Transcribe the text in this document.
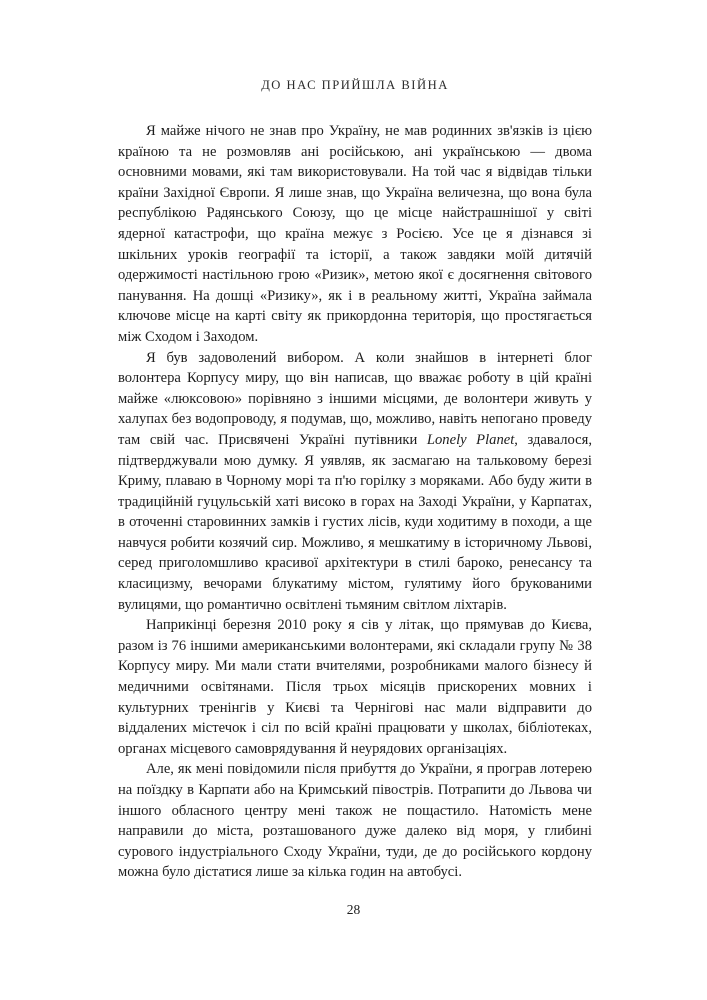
ДО НАС ПРИЙШЛА ВІЙНА

Я майже нічого не знав про Україну, не мав родинних зв'язків із цією країною та не розмовляв ані російською, ані українською — двома основними мовами, які там використовували. На той час я відвідав тільки країни Західної Європи. Я лише знав, що Україна величезна, що вона була республікою Радянського Союзу, що це місце найстрашнішої у світі ядерної катастрофи, що країна межує з Росією. Усе це я дізнався зі шкільних уроків географії та історії, а також завдяки моїй дитячій одержимості настільною грою «Ризик», метою якої є досягнення світового панування. На дошці «Ризику», як і в реальному житті, Україна займала ключове місце на карті світу як прикордонна територія, що простягається між Сходом і Заходом.

Я був задоволений вибором. А коли знайшов в інтернеті блог волонтера Корпусу миру, що він написав, що вважає роботу в цій країні майже «люксовою» порівняно з іншими місцями, де волонтери живуть у халупах без водопроводу, я подумав, що, можливо, навіть непогано проведу там свій час. Присвячені Україні путівники Lonely Planet, здавалося, підтверджували мою думку. Я уявляв, як засмагаю на тальковому березі Криму, плаваю в Чорному морі та п'ю горілку з моряками. Або буду жити в традиційній гуцульській хаті високо в горах на Заході України, у Карпатах, в оточенні старовинних замків і густих лісів, куди ходитиму в походи, а ще навчуся робити козячий сир. Можливо, я мешкатиму в історичному Львові, серед приголомшливо красивої архітектури в стилі бароко, ренесансу та класицизму, вечорами блукатиму містом, гулятиму його брукованими вулицями, що романтично освітлені тьмяним світлом ліхтарів.

Наприкінці березня 2010 року я сів у літак, що прямував до Києва, разом із 76 іншими американськими волонтерами, які складали групу № 38 Корпусу миру. Ми мали стати вчителями, розробниками малого бізнесу й медичними освітянами. Після трьох місяців прискорених мовних і культурних тренінгів у Києві та Чернігові нас мали відправити до віддалених містечок і сіл по всій країні працювати у школах, бібліотеках, органах місцевого самоврядування й неурядових організаціях.

Але, як мені повідомили після прибуття до України, я програв лотерею на поїздку в Карпати або на Кримський півострів. Потрапити до Львова чи іншого обласного центру мені також не пощастило. Натомість мене направили до міста, розташованого дуже далеко від моря, у глибині сурового індустріального Сходу України, туди, де до російського кордону можна було дістатися лише за кілька годин на автобусі.

28
